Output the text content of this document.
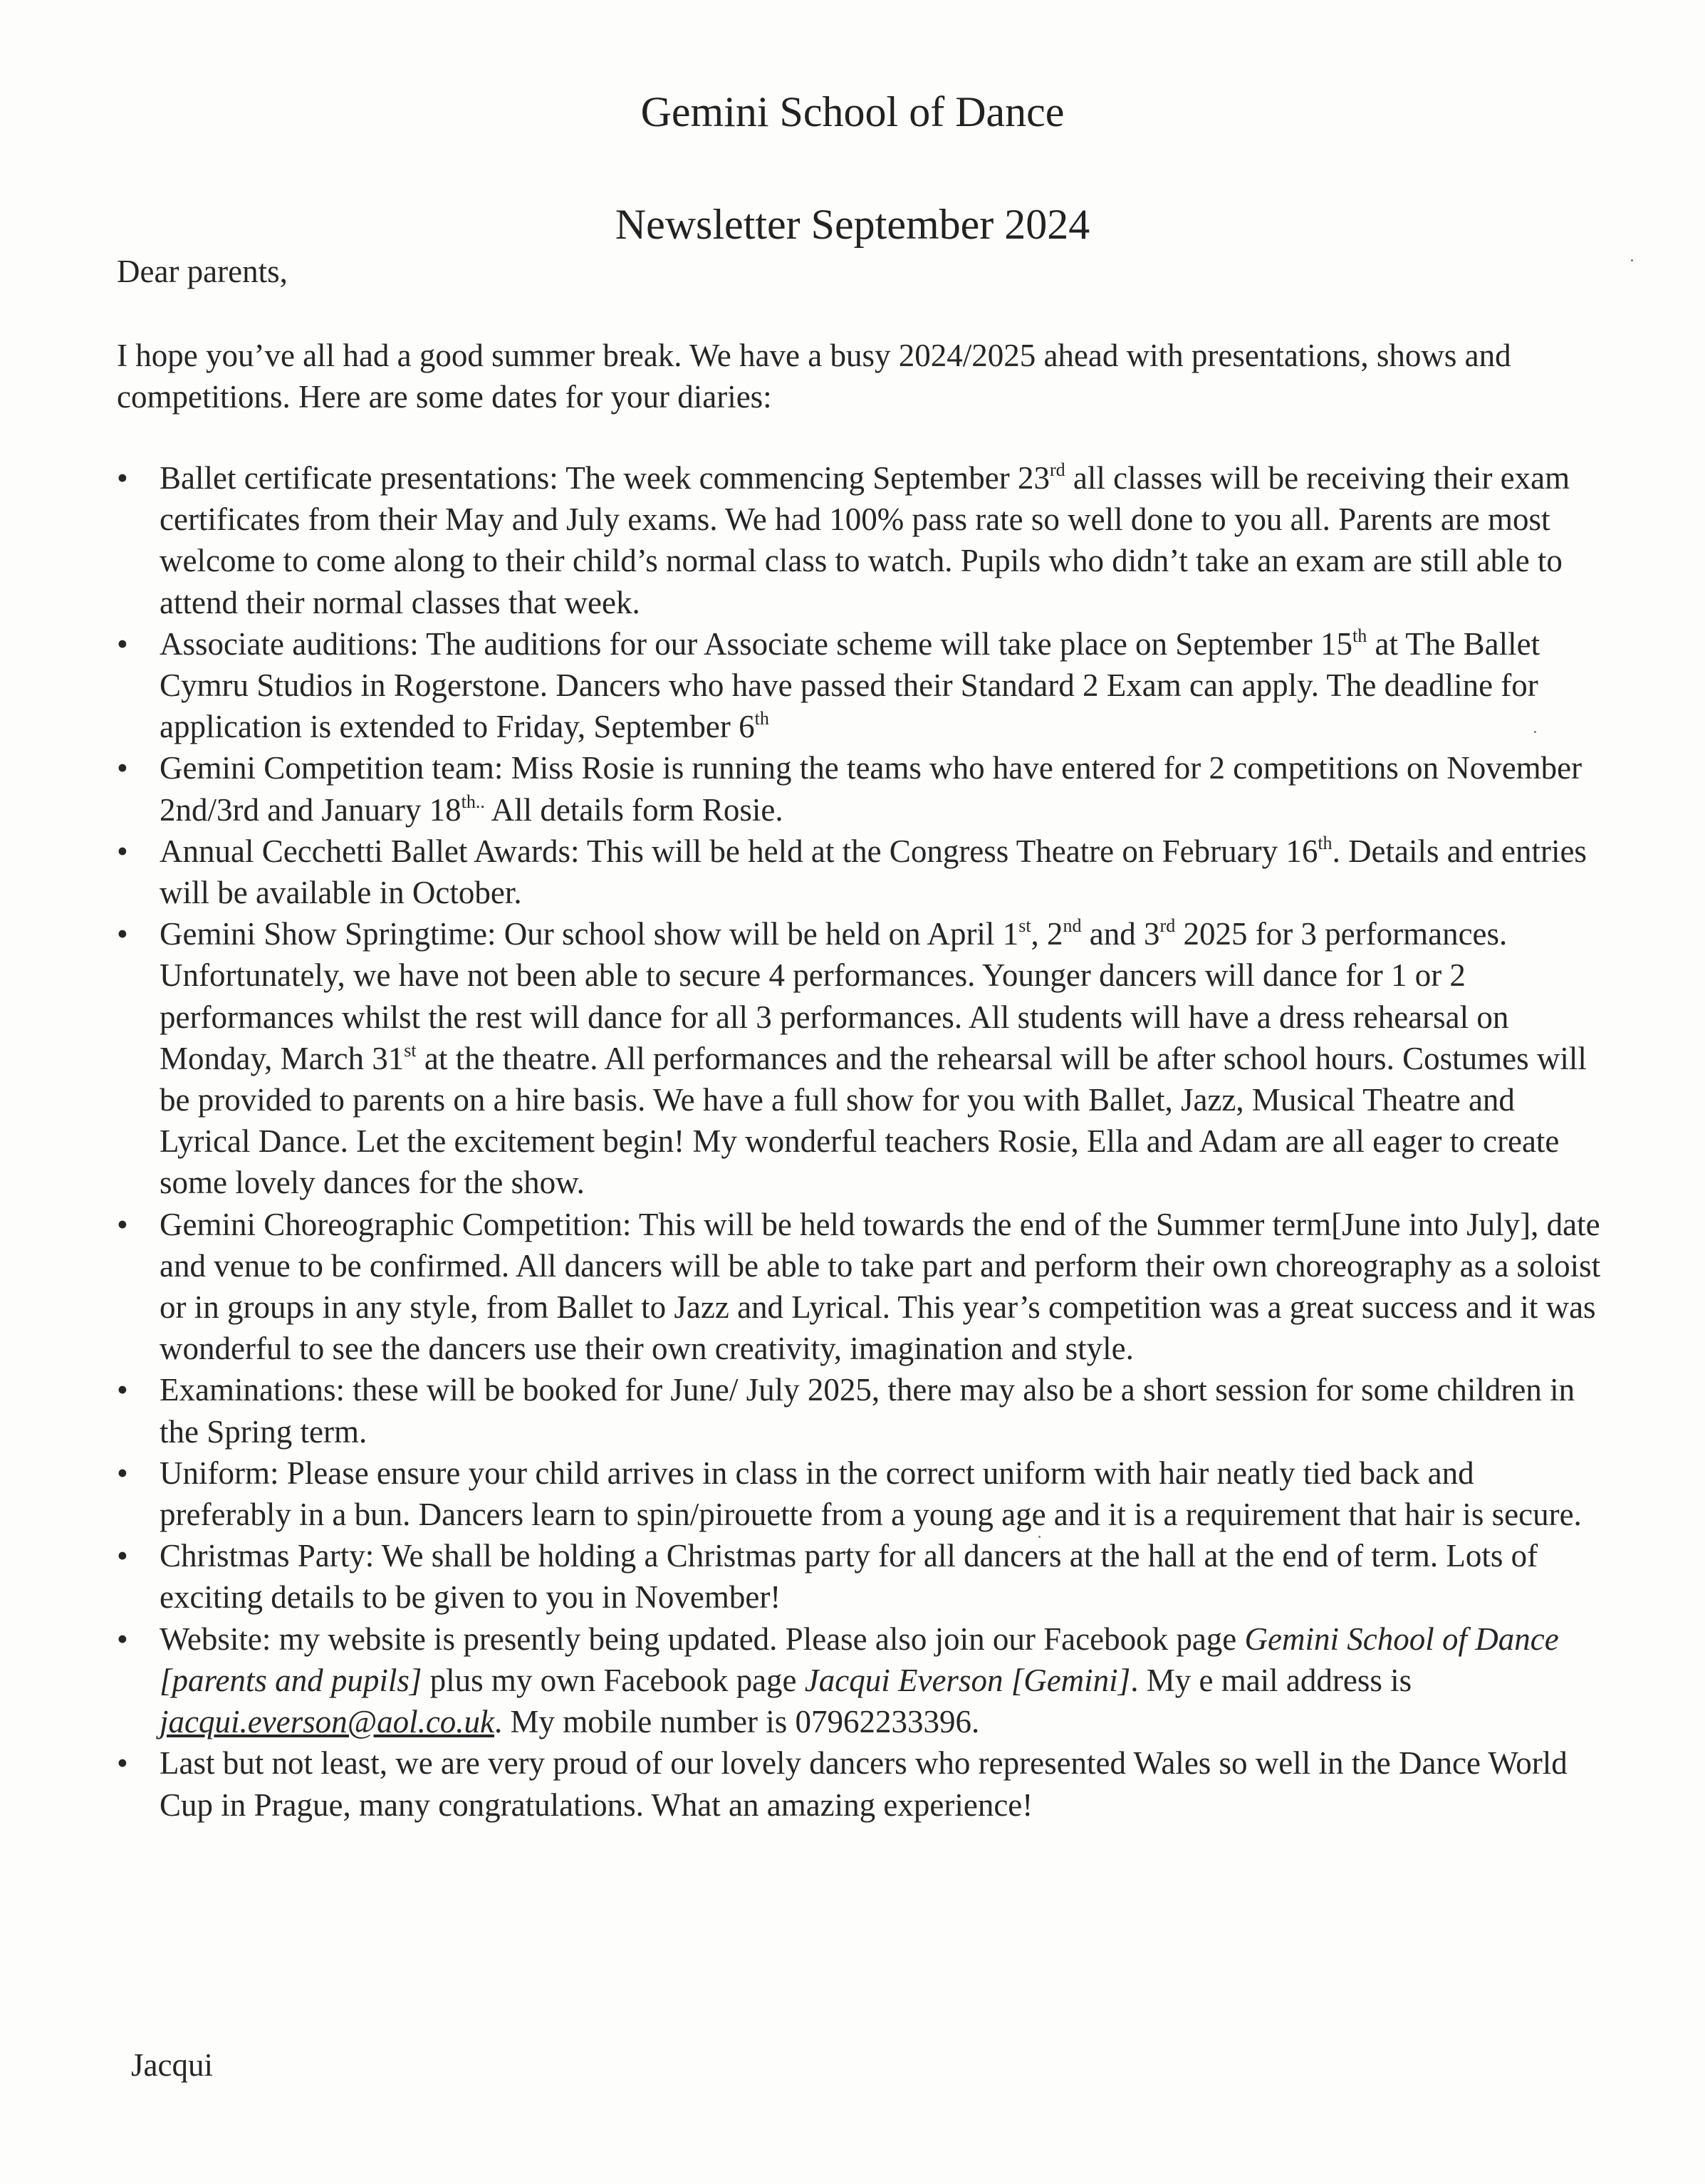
Gemini School of Dance
Newsletter September 2024

Dear parents,

I hope you’ve all had a good summer break. We have a busy 2024/2025 ahead with presentations, shows and competitions. Here are some dates for your diaries:

• Ballet certificate presentations: The week commencing September 23rd all classes will be receiving their exam certificates from their May and July exams. We had 100% pass rate so well done to you all. Parents are most welcome to come along to their child’s normal class to watch. Pupils who didn’t take an exam are still able to attend their normal classes that week.
• Associate auditions: The auditions for our Associate scheme will take place on September 15th at The Ballet Cymru Studios in Rogerstone. Dancers who have passed their Standard 2 Exam can apply. The deadline for application is extended to Friday, September 6th
• Gemini Competition team: Miss Rosie is running the teams who have entered for 2 competitions on November 2nd/3rd and January $18^{th..}$ All details form Rosie.
• Annual Cecchetti Ballet Awards: This will be held at the Congress Theatre on February 16th. Details and entries will be available in October.
• Gemini Show Springtime: Our school show will be held on April 1st, 2nd and 3rd 2025 for 3 performances. Unfortunately, we have not been able to secure 4 performances. Younger dancers will dance for 1 or 2 performances whilst the rest will dance for all 3 performances. All students will have a dress rehearsal on Monday, March 31st at the theatre. All performances and the rehearsal will be after school hours. Costumes will be provided to parents on a hire basis. We have a full show for you with Ballet, Jazz, Musical Theatre and Lyrical Dance. Let the excitement begin! My wonderful teachers Rosie, Ella and Adam are all eager to create some lovely dances for the show.
• Gemini Choreographic Competition: This will be held towards the end of the Summer term[June into July], date and venue to be confirmed. All dancers will be able to take part and perform their own choreography as a soloist or in groups in any style, from Ballet to Jazz and Lyrical. This year’s competition was a great success and it was wonderful to see the dancers use their own creativity, imagination and style.
• Examinations: these will be booked for June/ July 2025, there may also be a short session for some children in the Spring term.
• Uniform: Please ensure your child arrives in class in the correct uniform with hair neatly tied back and preferably in a bun. Dancers learn to spin/pirouette from a young age and it is a requirement that hair is secure.
• Christmas Party: We shall be holding a Christmas party for all dancers at the hall at the end of term. Lots of exciting details to be given to you in November!
• Website: my website is presently being updated. Please also join our Facebook page Gemini School of Dance [parents and pupils] plus my own Facebook page Jacqui Everson [Gemini]. My e mail address is jacqui.everson@aol.co.uk. My mobile number is 07962233396.
• Last but not least, we are very proud of our lovely dancers who represented Wales so well in the Dance World Cup in Prague, many congratulations. What an amazing experience!

Jacqui
